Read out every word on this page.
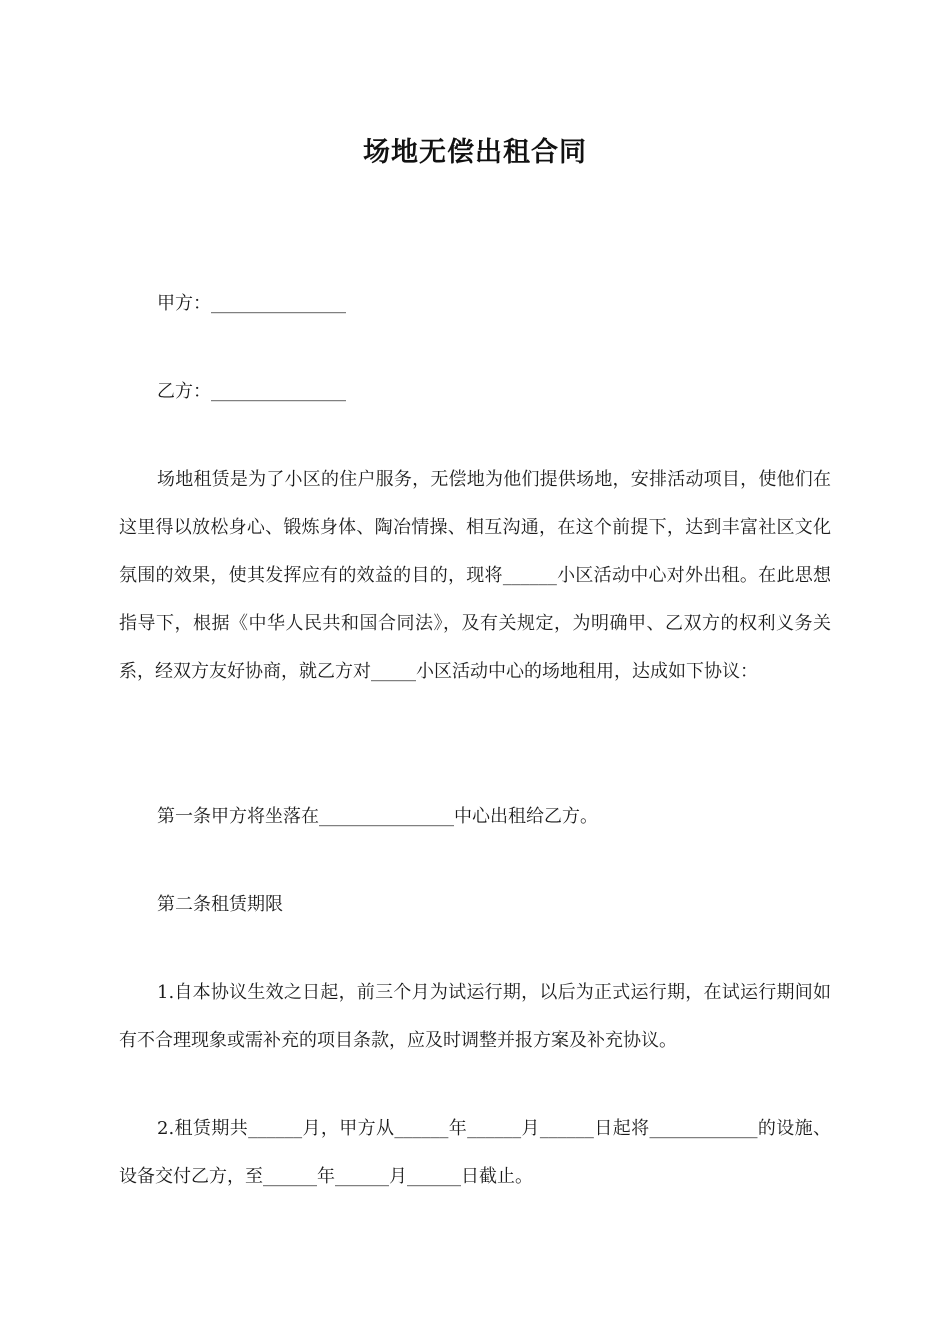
场地无偿出租合同
甲方：_______________
乙方：_______________
场地租赁是为了小区的住户服务，无偿地为他们提供场地，安排活动项目，使他们在这里得以放松身心、锻炼身体、陶冶情操、相互沟通，在这个前提下，达到丰富社区文化氛围的效果，使其发挥应有的效益的目的，现将______小区活动中心对外出租。在此思想指导下，根据《中华人民共和国合同法》，及有关规定，为明确甲、乙双方的权利义务关系，经双方友好协商，就乙方对_____小区活动中心的场地租用，达成如下协议：
第一条甲方将坐落在_______________中心出租给乙方。
第二条租赁期限
1.自本协议生效之日起，前三个月为试运行期，以后为正式运行期，在试运行期间如有不合理现象或需补充的项目条款，应及时调整并报方案及补充协议。
2.租赁期共______月，甲方从______年______月______日起将____________的设施、设备交付乙方，至______年______月______日截止。
